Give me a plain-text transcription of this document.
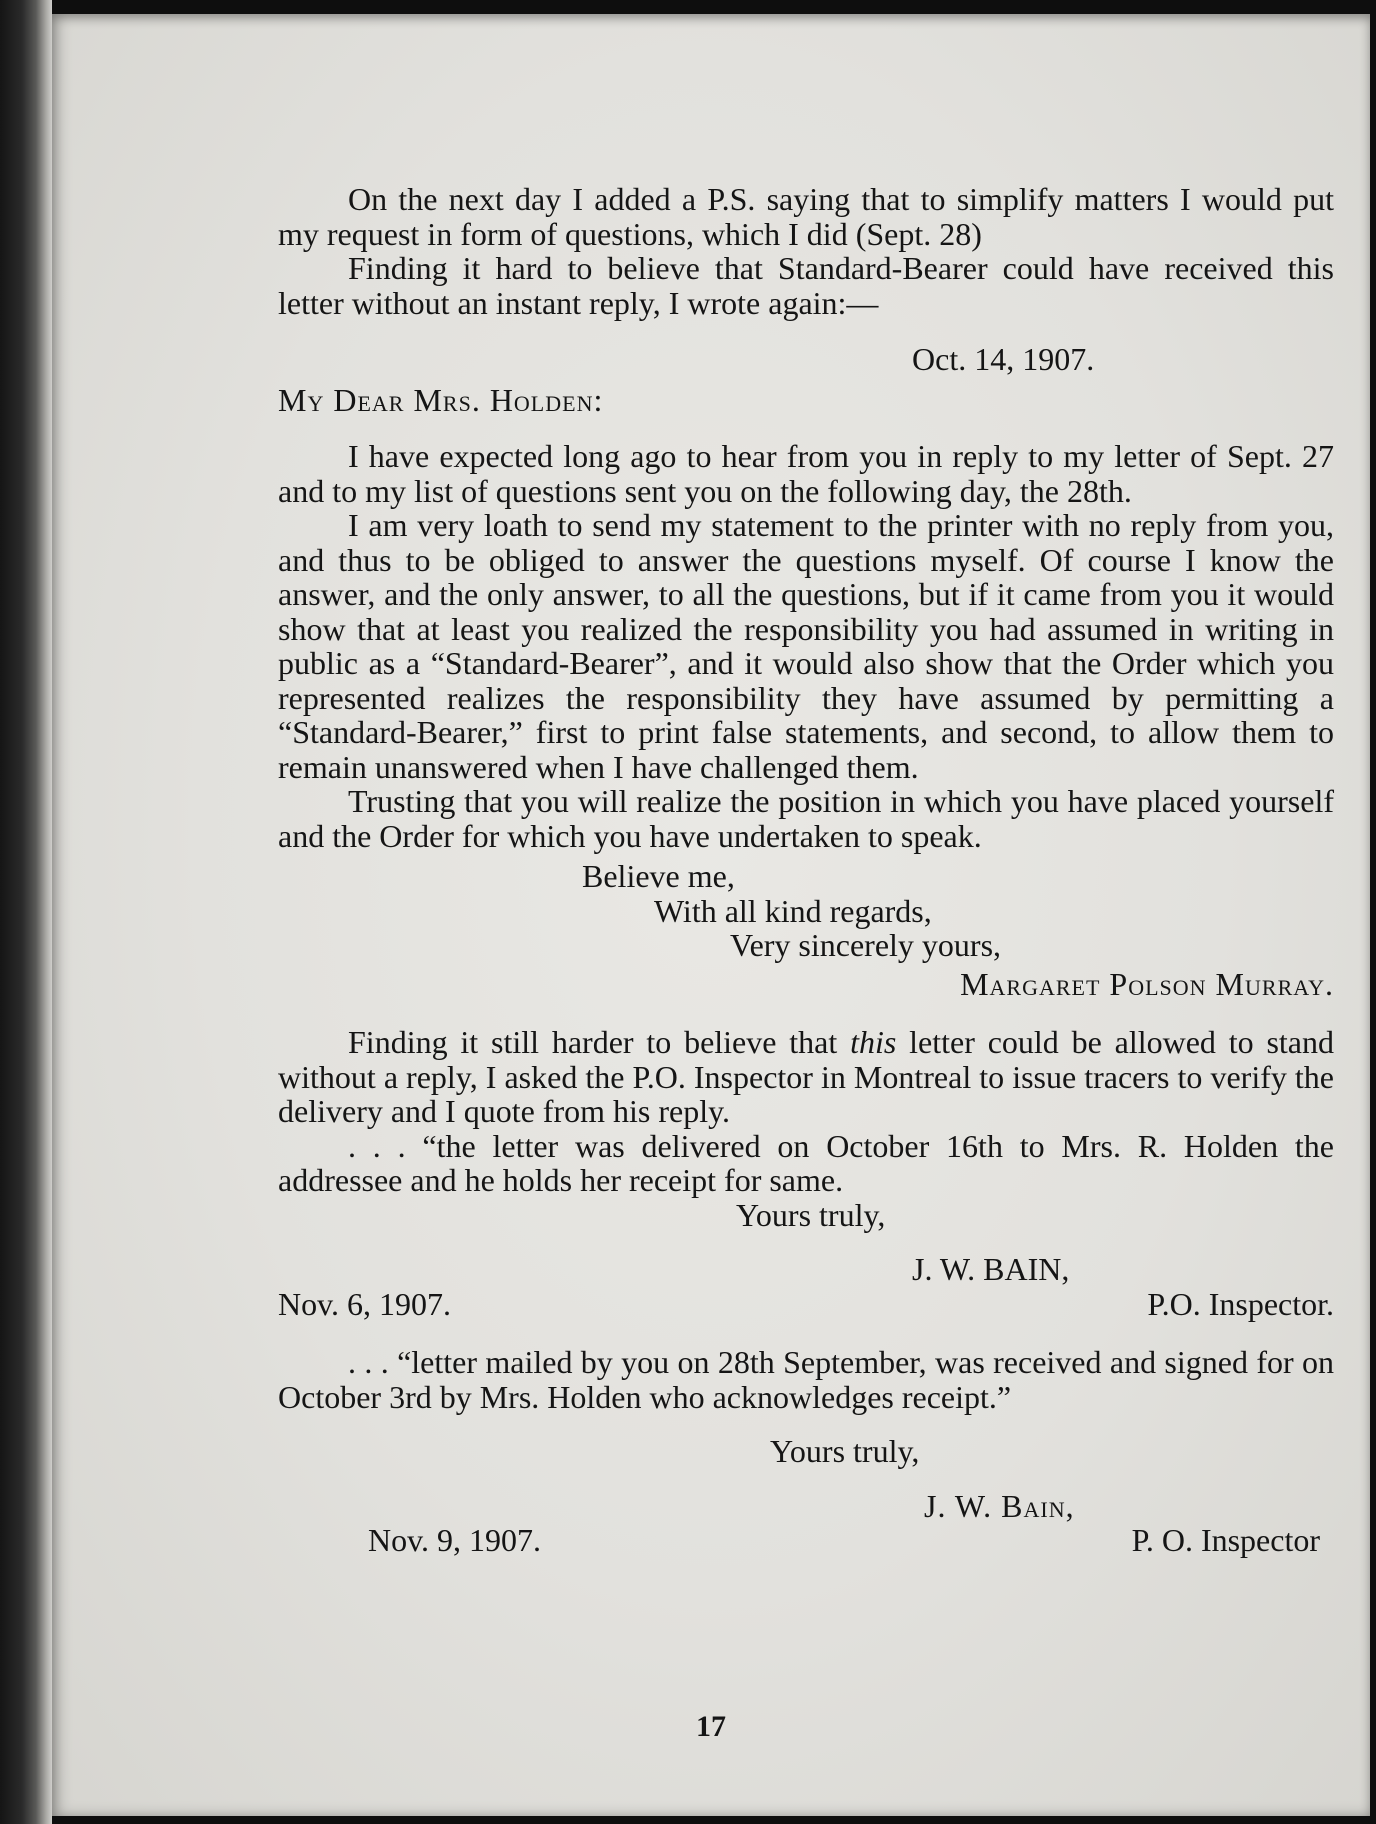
On the next day I added a P.S. saying that to simplify matters I would put my request in form of questions, which I did (Sept. 28)

Finding it hard to believe that Standard-Bearer could have received this letter without an instant reply, I wrote again:—

Oct. 14, 1907.
My Dear Mrs. Holden:

I have expected long ago to hear from you in reply to my letter of Sept. 27 and to my list of questions sent you on the following day, the 28th.

I am very loath to send my statement to the printer with no reply from you, and thus to be obliged to answer the questions myself. Of course I know the answer, and the only answer, to all the questions, but if it came from you it would show that at least you realized the responsibility you had assumed in writing in public as a “Standard-Bearer”, and it would also show that the Order which you represented realizes the responsibility they have assumed by permitting a “Standard-Bearer,” first to print false statements, and second, to allow them to remain unanswered when I have challenged them.

Trusting that you will realize the position in which you have placed yourself and the Order for which you have undertaken to speak.

Believe me,
With all kind regards,
Very sincerely yours,
Margaret Polson Murray.

Finding it still harder to believe that this letter could be allowed to stand without a reply, I asked the P.O. Inspector in Montreal to issue tracers to verify the delivery and I quote from his reply.

. . . “the letter was delivered on October 16th to Mrs. R. Holden the addressee and he holds her receipt for same.

Yours truly,
J. W. BAIN,
Nov. 6, 1907.	P.O. Inspector.

. . . “letter mailed by you on 28th September, was received and signed for on October 3rd by Mrs. Holden who acknowledges receipt.”

Yours truly,
J. W. Bain,
Nov. 9, 1907.	P. O. Inspector
17
